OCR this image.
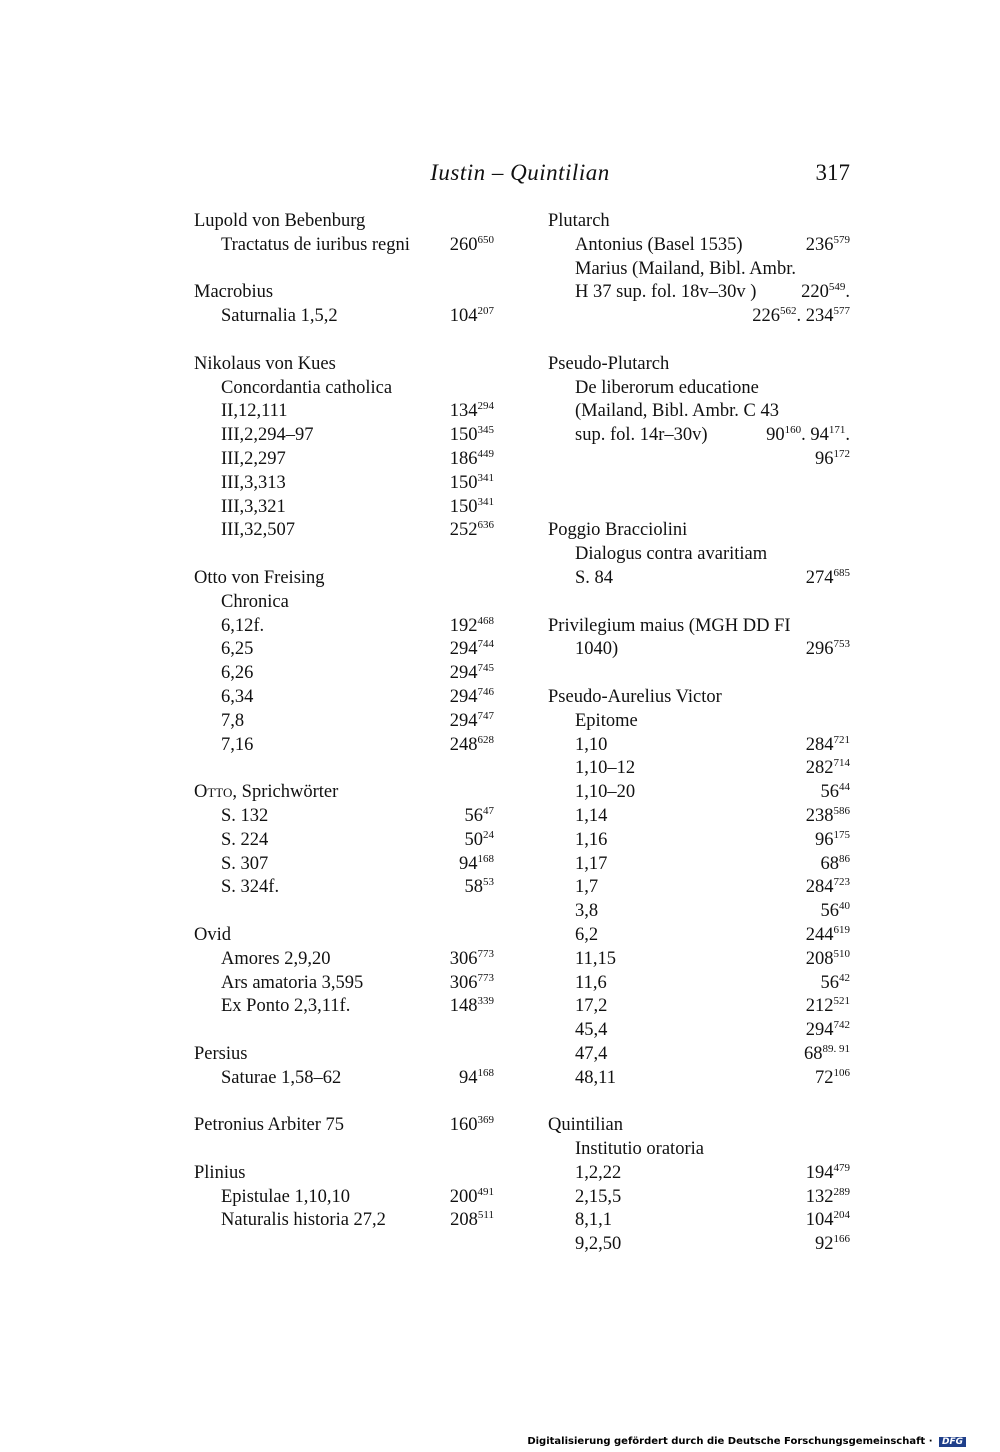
Iustin – Quintilian	317
Lupold von Bebenburg
Tractatus de iuribus regni $260^{650}$
Macrobius
Saturnalia 1,5,2	$104^{207}$
Nikolaus von Kues
Concordantia catholica
II,12,111	$134^{294}$
III,2,294–97	$150^{345}$
III,2,297	$186^{449}$
III,3,313	$150^{341}$
III,3,321	$150^{341}$
III,32,507	$252^{636}$
Otto von Freising
Chronica
6,12f.	$192^{468}$
6,25	$294^{744}$
6,26	$294^{745}$
6,34	$294^{746}$
7,8	$294^{747}$
7,16	$248^{628}$
Otto, Sprichwörter
S. 132	$56^{47}$
S. 224	$50^{24}$
S. 307	$94^{168}$
S. 324f.	$58^{53}$
Ovid
Amores 2,9,20	$306^{773}$
Ars amatoria 3,595	$306^{773}$
Ex Ponto 2,3,11f.	$148^{339}$
Persius
Saturae 1,58–62	$94^{168}$
Petronius Arbiter 75	$160^{369}$
Plinius
Epistulae 1,10,10	$200^{491}$
Naturalis historia 27,2	$208^{511}$
Plutarch
Antonius (Basel 1535)	$236^{579}$
Marius (Mailand, Bibl. Ambr.
H 37 sup. fol. 18v–30v ) $220^{549}$.
$226^{562}$. $234^{577}$
Pseudo-Plutarch
De liberorum educatione
(Mailand, Bibl. Ambr. C 43
sup. fol. 14r–30v)	$90^{160}$. $94^{171}$.
$96^{172}$
Poggio Bracciolini
Dialogus contra avaritiam
S. 84	$274^{685}$
Privilegium maius (MGH DD FI
1040)	$296^{753}$
Pseudo-Aurelius Victor
Epitome
1,10	$284^{721}$
1,10–12	$282^{714}$
1,10–20	$56^{44}$
1,14	$238^{586}$
1,16	$96^{175}$
1,17	$68^{86}$
1,7	$284^{723}$
3,8	$56^{40}$
6,2	$244^{619}$
11,15	$208^{510}$
11,6	$56^{42}$
17,2	$212^{521}$
45,4	$294^{742}$
47,4	$68^{89. 91}$
48,11	$72^{106}$
Quintilian
Institutio oratoria
1,2,22	$194^{479}$
2,15,5	$132^{289}$
8,1,1	$104^{204}$
9,2,50	$92^{166}$
Digitalisierung gefördert durch die Deutsche Forschungsgemeinschaft · DFG
